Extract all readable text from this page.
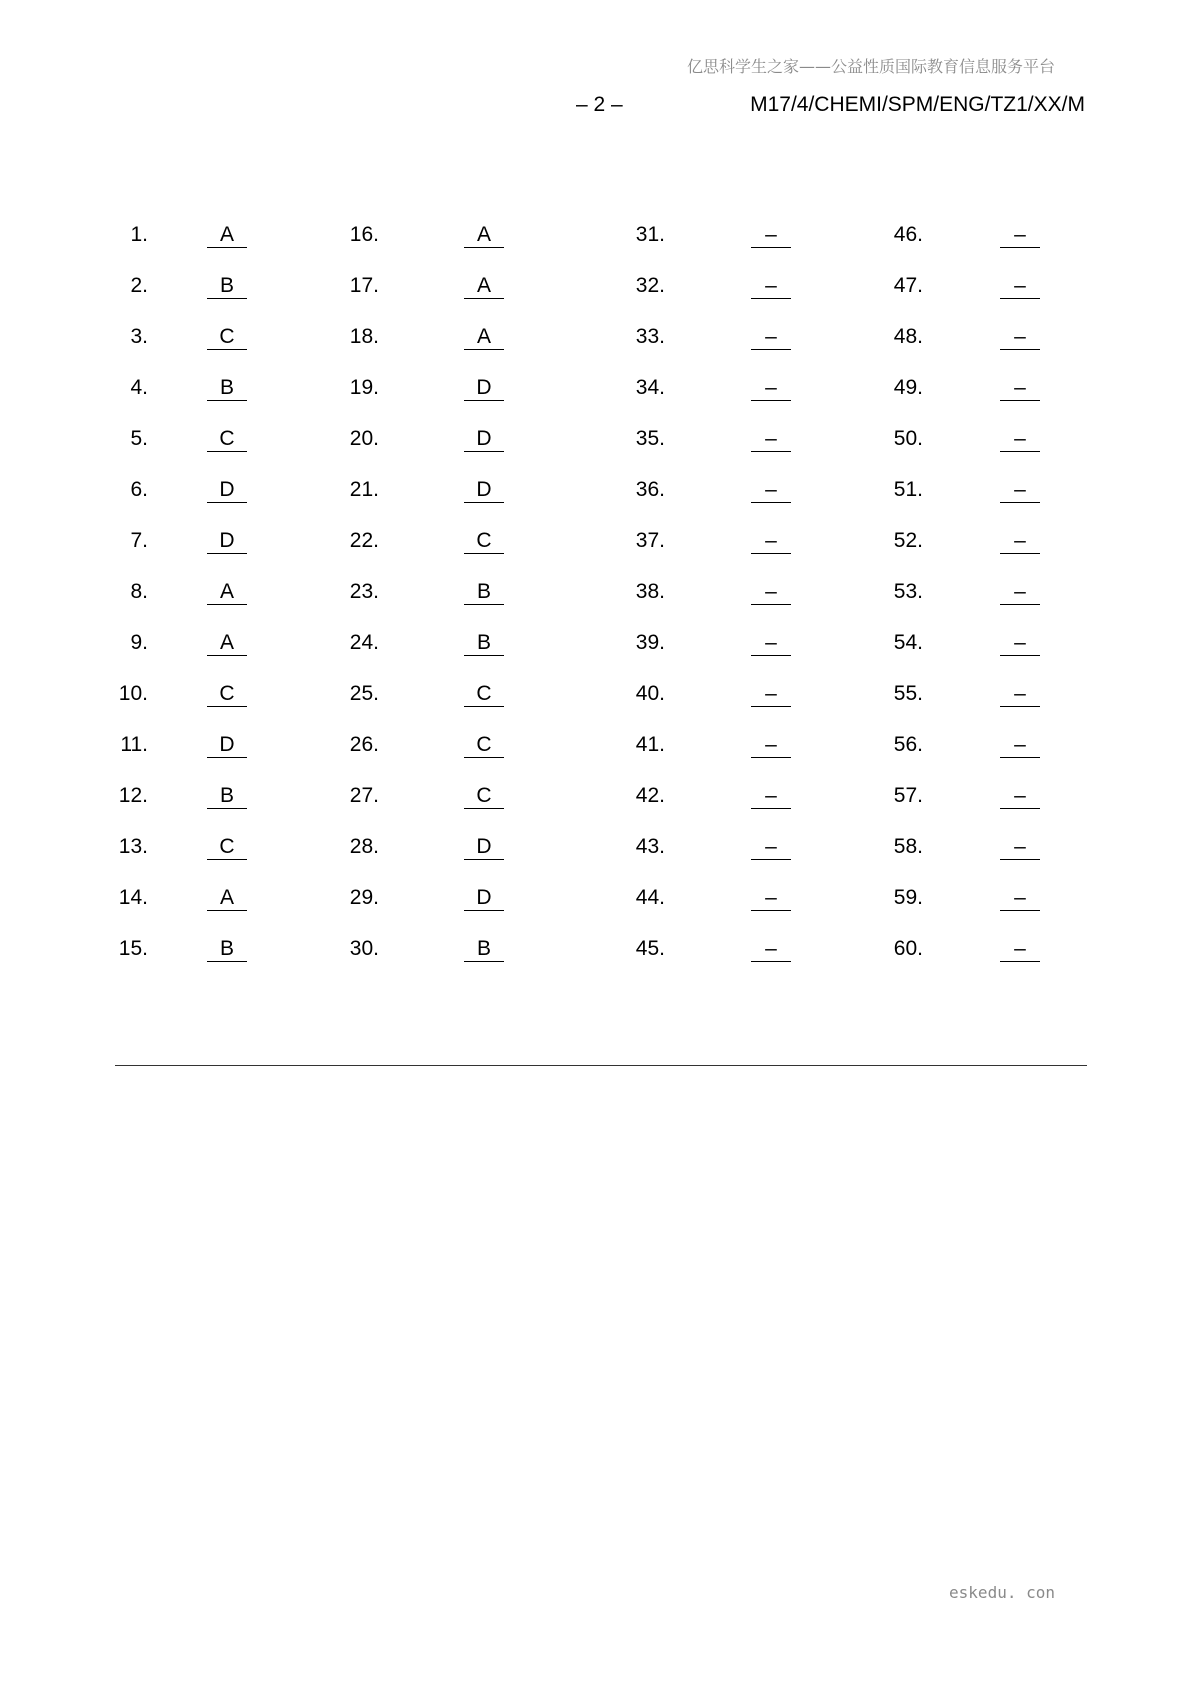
亿思科学生之家——公益性质国际教育信息服务平台
– 2 –	M17/4/CHEMI/SPM/ENG/TZ1/XX/M
1.	A
2.	B
3.	C
4.	B
5.	C
6.	D
7.	D
8.	A
9.	A
10.	C
11.	D
12.	B
13.	C
14.	A
15.	B
16.	A
17.	A
18.	A
19.	D
20.	D
21.	D
22.	C
23.	B
24.	B
25.	C
26.	C
27.	C
28.	D
29.	D
30.	B
31.	–
32.	–
33.	–
34.	–
35.	–
36.	–
37.	–
38.	–
39.	–
40.	–
41.	–
42.	–
43.	–
44.	–
45.	–
46.	–
47.	–
48.	–
49.	–
50.	–
51.	–
52.	–
53.	–
54.	–
55.	–
56.	–
57.	–
58.	–
59.	–
60.	–
eskedu. con
